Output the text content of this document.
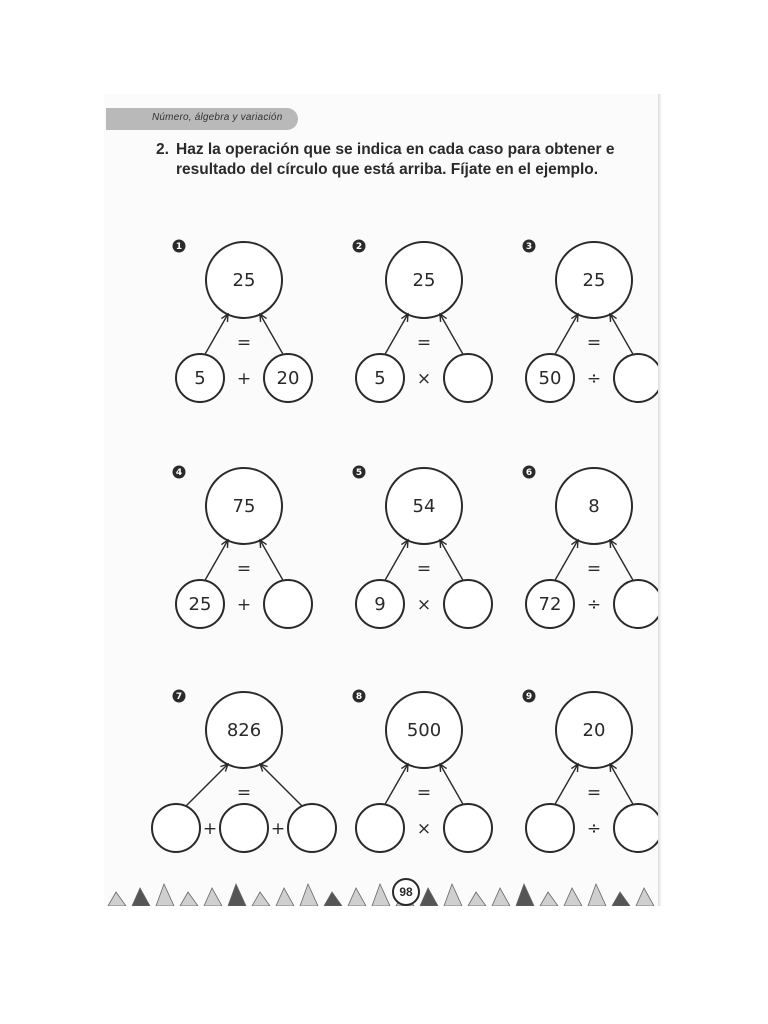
Número, álgebra y variación
2. Haz la operación que se indica en cada caso para obtener e
resultado del círculo que está arriba. Fíjate en el ejemplo.
1
25
=
5	20
+
2
25
=
5 ×
3
25
=
50 ÷
4
75
=
25 +
5
54
=
9 ×
6
8
=
72 ÷
7
826
=
+	+
8
500
=
×
9
20
=
÷
98
